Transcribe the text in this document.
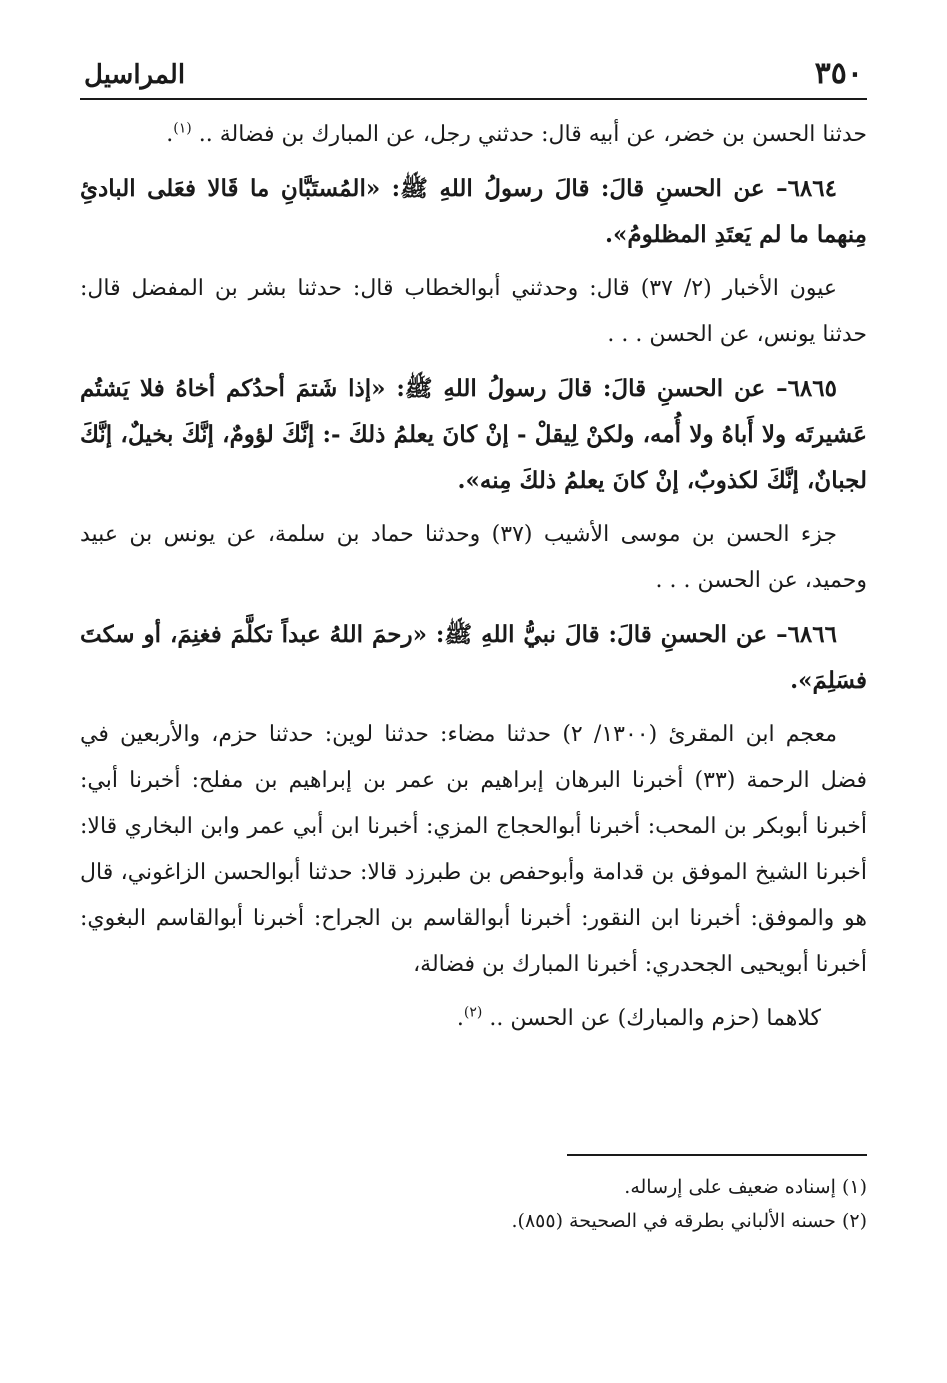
٣٥٠
المراسيل

حدثنا الحسن بن خضر، عن أبيه قال: حدثني رجل، عن المبارك بن فضالة .. $^{(١)}$.

٦٨٦٤– عن الحسنِ قالَ: قالَ رسولُ اللهِ ﷺ: «المُستَبَّانِ ما قَالا فعَلى البادئِ مِنهما ما لم يَعتَدِ المظلومُ».

عيون الأخبار (٢/ ٣٧) قال: وحدثني أبوالخطاب قال: حدثنا بشر بن المفضل قال: حدثنا يونس، عن الحسن . . .

٦٨٦٥– عن الحسنِ قالَ: قالَ رسولُ اللهِ ﷺ: «إذا شَتمَ أحدُكم أخاهُ فلا يَشتُم عَشيرتَه ولا أَباهُ ولا أُمه، ولكنْ لِيقلْ - إنْ كانَ يعلمُ ذلكَ -: إنَّكَ لؤومٌ، إنَّكَ بخيلٌ، إنَّكَ لجبانٌ، إنَّكَ لكذوبٌ، إنْ كانَ يعلمُ ذلكَ مِنه».

جزء الحسن بن موسى الأشيب (٣٧) وحدثنا حماد بن سلمة، عن يونس بن عبيد وحميد، عن الحسن . . .

٦٨٦٦– عن الحسنِ قالَ: قالَ نبيُّ اللهِ ﷺ: «رحمَ اللهُ عبداً تكلَّمَ فغنِمَ، أو سكتَ فسَلِمَ».

معجم ابن المقرئ (١٣٠٠/ ٢) حدثنا مضاء: حدثنا لوين: حدثنا حزم، والأربعين في فضل الرحمة (٣٣) أخبرنا البرهان إبراهيم بن عمر بن إبراهيم بن مفلح: أخبرنا أبي: أخبرنا أبوبكر بن المحب: أخبرنا أبوالحجاج المزي: أخبرنا ابن أبي عمر وابن البخاري قالا: أخبرنا الشيخ الموفق بن قدامة وأبوحفص بن طبرزد قالا: حدثنا أبوالحسن الزاغوني، قال هو والموفق: أخبرنا ابن النقور: أخبرنا أبوالقاسم بن الجراح: أخبرنا أبوالقاسم البغوي: أخبرنا أبويحيى الجحدري: أخبرنا المبارك بن فضالة،

كلاهما (حزم والمبارك) عن الحسن .. $^{(٢)}$.

(١) إسناده ضعيف على إرساله.

(٢) حسنه الألباني بطرقه في الصحيحة (٨٥٥).
